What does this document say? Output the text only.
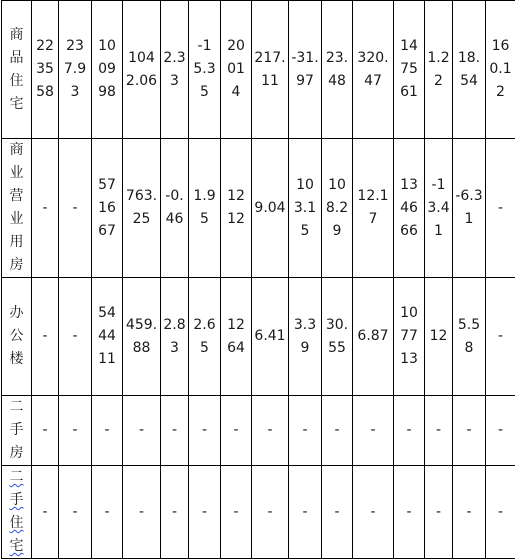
商品住宅	223558	237.93	100998	1042.06	2.33	-15.35	20014	217.11	-31.97	23.48	320.47	147561	1.22	18.54	160.12

商业营业用房	-	-	571667	763.25	-0.46	1.95	1212	9.04	103.15	108.29	12.17	134666	-13.41	-6.31	-

办公楼	-	-	544411	459.88	2.83	2.65	1264	6.41	3.39	30.55	6.87	107713	12	5.58	-

二手房	-	-	-	-	-	-	-	-	-	-	-	-	-	-	-

二手住宅	-	-	-	-	-	-	-	-	-	-	-	-	-	-	-
